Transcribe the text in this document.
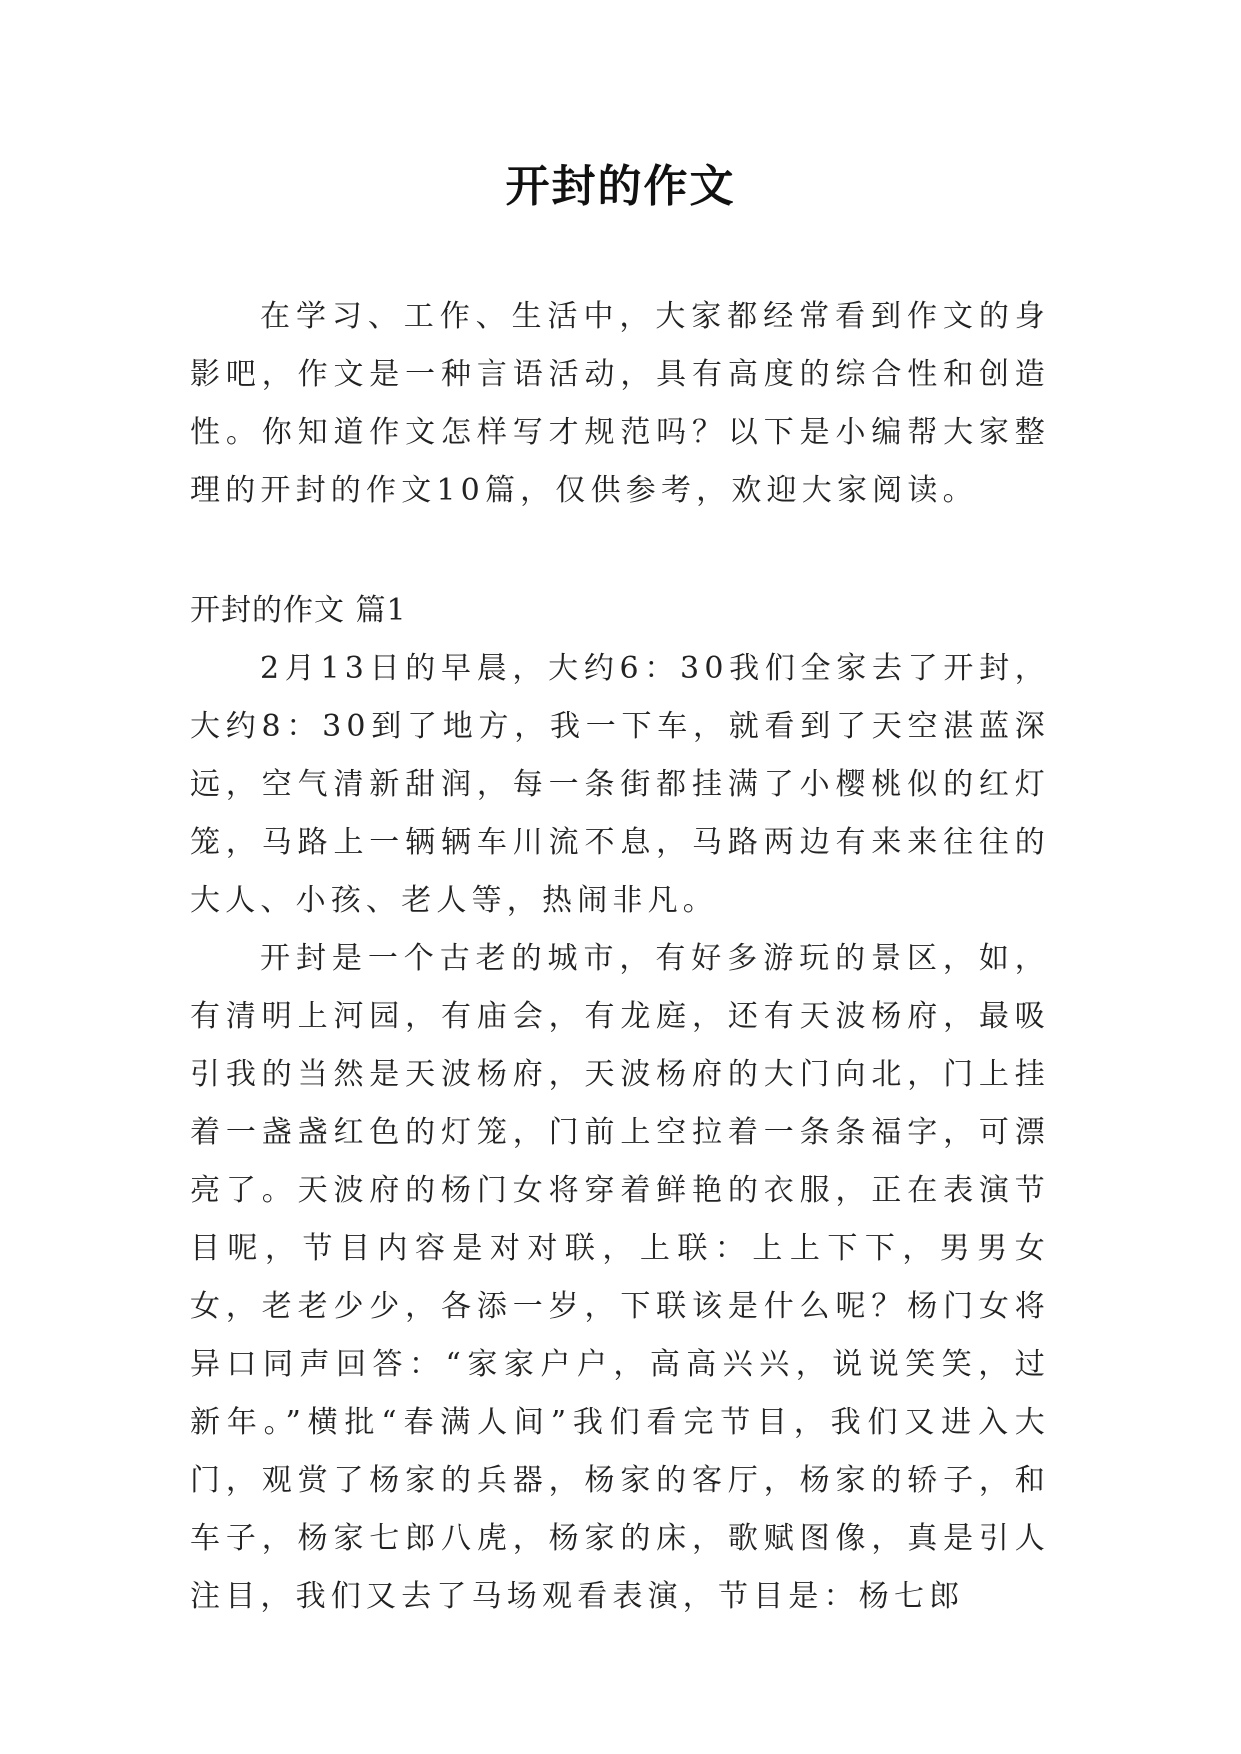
开封的作文

在学习、工作、生活中，大家都经常看到作文的身影吧，作文是一种言语活动，具有高度的综合性和创造性。你知道作文怎样写才规范吗？以下是小编帮大家整理的开封的作文10篇，仅供参考，欢迎大家阅读。

开封的作文 篇1

2月13日的早晨，大约6：30我们全家去了开封，大约8：30到了地方，我一下车，就看到了天空湛蓝深远，空气清新甜润，每一条街都挂满了小樱桃似的红灯笼，马路上一辆辆车川流不息，马路两边有来来往往的大人、小孩、老人等，热闹非凡。

开封是一个古老的城市，有好多游玩的景区，如，有清明上河园，有庙会，有龙庭，还有天波杨府，最吸引我的当然是天波杨府，天波杨府的大门向北，门上挂着一盏盏红色的灯笼，门前上空拉着一条条福字，可漂亮了。天波府的杨门女将穿着鲜艳的衣服，正在表演节目呢，节目内容是对对联，上联：上上下下，男男女女，老老少少，各添一岁，下联该是什么呢？杨门女将异口同声回答：“家家户户，高高兴兴，说说笑笑，过新年。”横批“春满人间”我们看完节目，我们又进入大门，观赏了杨家的兵器，杨家的客厅，杨家的轿子，和车子，杨家七郎八虎，杨家的床，歌赋图像，真是引人注目，我们又去了马场观看表演，节目是：杨七郎
